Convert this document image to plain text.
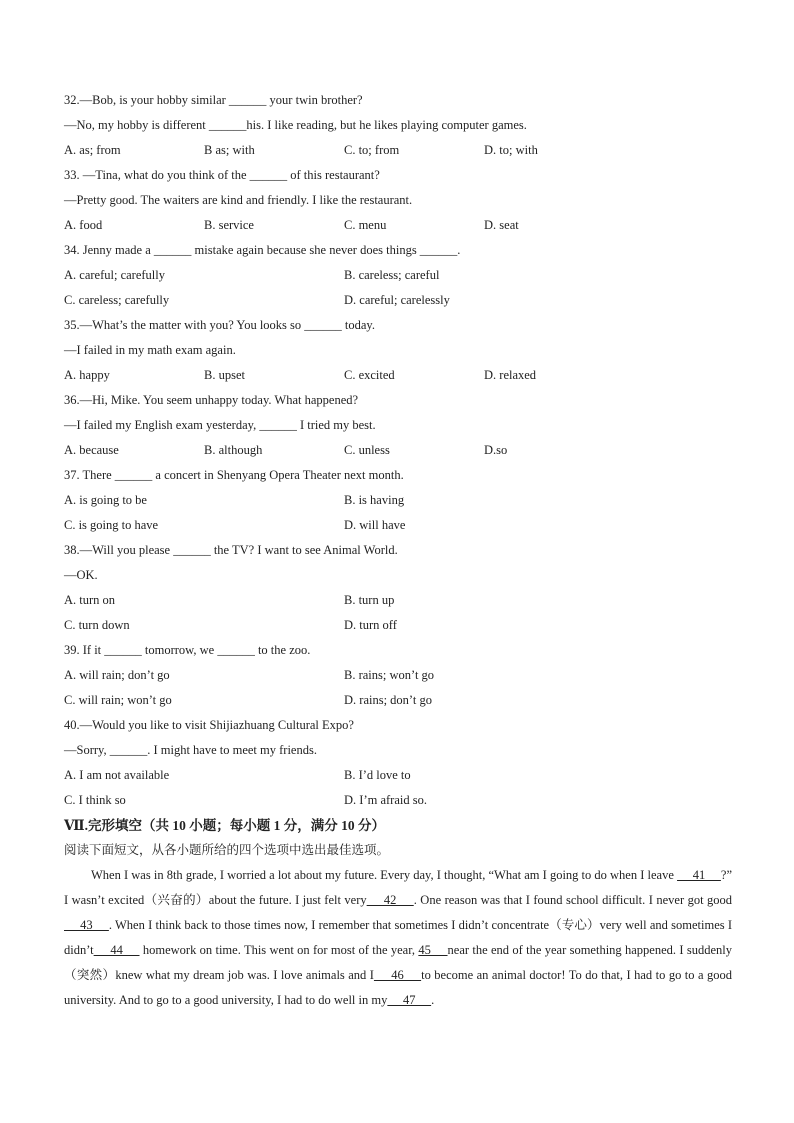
32.—Bob, is your hobby similar ______ your twin brother?
—No, my hobby is different ______his. I like reading, but he likes playing computer games.
A. as; from	B as; with	C. to; from	D. to; with
33. —Tina, what do you think of the ______ of this restaurant?
—Pretty good. The waiters are kind and friendly. I like the restaurant.
A. food	B. service	C. menu	D. seat
34. Jenny made a ______ mistake again because she never does things ______.
A. careful; carefully	B. careless; careful
C. careless; carefully	D. careful; carelessly
35.—What’s the matter with you? You looks so ______ today.
—I failed in my math exam again.
A. happy	B. upset	C. excited	D. relaxed
36.—Hi, Mike. You seem unhappy today. What happened?
—I failed my English exam yesterday, ______ I tried my best.
A. because	B. although	C. unless	D.so
37. There ______ a concert in Shenyang Opera Theater next month.
A. is going to be	B. is having
C. is going to have	D. will have
38.—Will you please ______ the TV? I want to see Animal World.
—OK.
A. turn on	B. turn up
C. turn down	D. turn off
39. If it ______ tomorrow, we ______ to the zoo.
A. will rain; don’t go	B. rains; won’t go
C. will rain; won’t go	D. rains; don’t go
40.—Would you like to visit Shijiazhuang Cultural Expo?
—Sorry, ______. I might have to meet my friends.
A. I am not available	B. I’d love to
C. I think so	D. I’m afraid so.
Ⅶ.完形填空（共 10 小题；每小题 1 分，满分 10 分）
阅读下面短文，从各小题所给的四个选项中选出最佳选项。
When I was in 8th grade, I worried a lot about my future. Every day, I thought, “What am I going to do when I leave      41     ?” I wasn’t excited（兴奋的）about the future. I just felt very     42     . One reason was that I found school difficult. I never got good     43     . When I think back to those times now, I remember that sometimes I didn’t concentrate（专心）very well and sometimes I didn’t     44      homework on time. This went on for most of the year, 45     near the end of the year something happened. I suddenly（突然）knew what my dream job was. I love animals and I     46     to become an animal doctor! To do that, I had to go to a good university. And to go to a good university, I had to do well in my     47     .
